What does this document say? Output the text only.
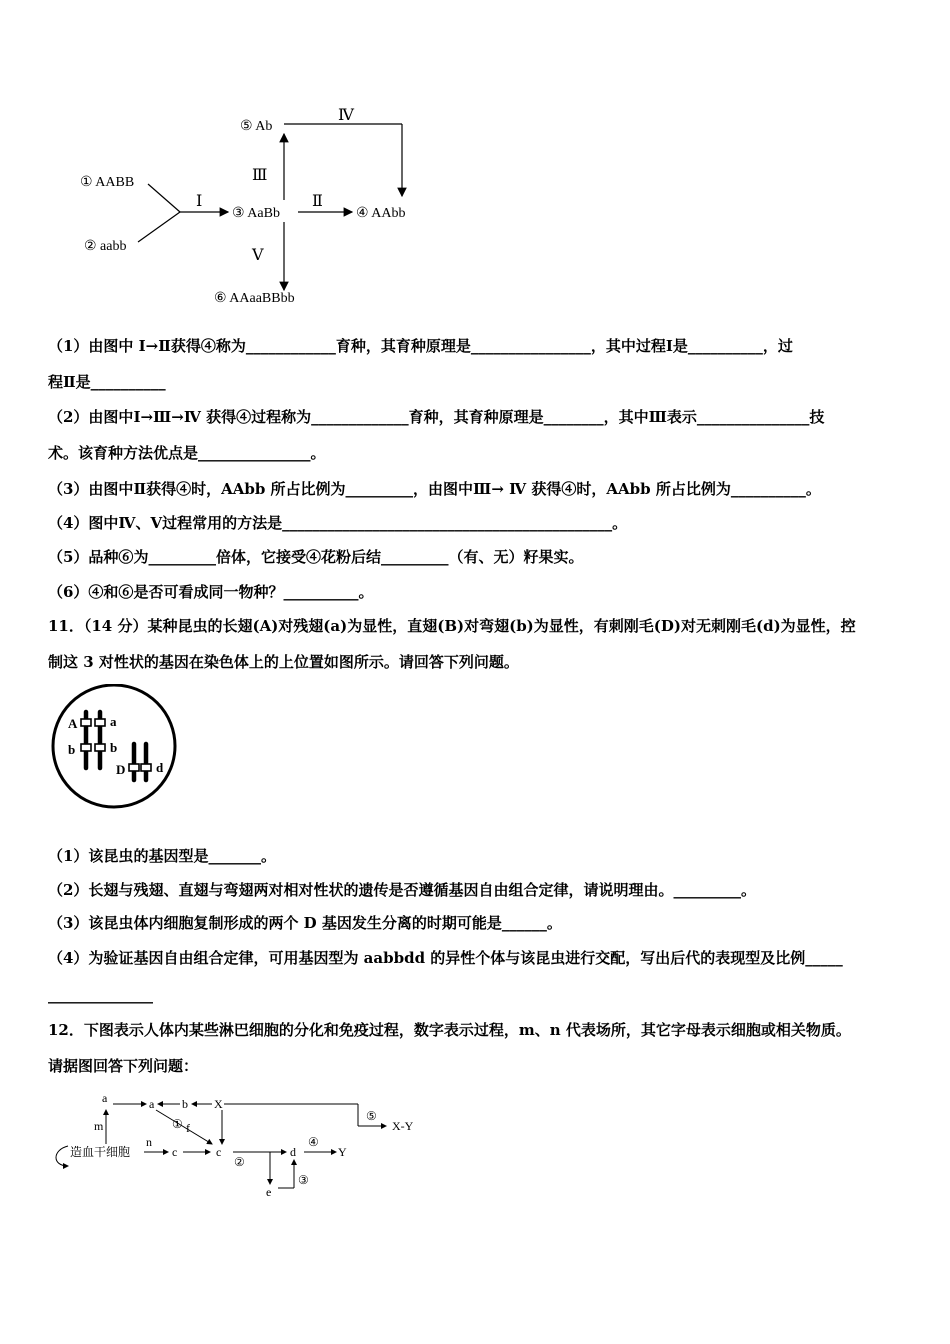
① AABB
② aabb
③ AaBb	④ AAbb
⑤ Ab
⑥ AAaaBBbb
Ⅰ	Ⅱ
Ⅲ
Ⅳ
Ⅴ
（1）由图中 Ⅰ→Ⅱ获得④称为____________育种，其育种原理是________________，其中过程Ⅰ是__________，过
程Ⅱ是__________
（2）由图中Ⅰ→Ⅲ→Ⅳ 获得④过程称为_____________育种，其育种原理是________，其中Ⅲ表示_______________技
术。该育种方法优点是_______________。
（3）由图中Ⅱ获得④时，AAbb 所占比例为_________，由图中Ⅲ→ Ⅳ 获得④时，AAbb 所占比例为__________。
（4）图中Ⅳ、Ⅴ过程常用的方法是____________________________________________。
（5）品种⑥为_________倍体，它接受④花粉后结_________（有、无）籽果实。
（6）④和⑥是否可看成同一物种？__________。
11．（14 分）某种昆虫的长翅(A)对残翅(a)为显性，直翅(B)对弯翅(b)为显性，有刺刚毛(D)对无刺刚毛(d)为显性，控
制这 3 对性状的基因在染色体上的上位置如图所示。请回答下列问题。
A	a
b	b
D d
（1）该昆虫的基因型是_______。
（2）长翅与残翅、直翅与弯翅两对相对性状的遗传是否遵循基因自由组合定律，请说明理由。_________。
（3）该昆虫体内细胞复制形成的两个 D 基因发生分离的时期可能是______。
（4）为验证基因自由组合定律，可用基因型为 aabbdd 的异性个体与该昆虫进行交配，写出后代的表现型及比例_____
______________
12．下图表示人体内某些淋巴细胞的分化和免疫过程，数字表示过程，m、n 代表场所，其它字母表示细胞或相关物质。
请据图回答下列问题：
造血干细胞
a	a b X
f
c	c	d	Y
e
X-Y
m
n
①
②
③
④
⑤
